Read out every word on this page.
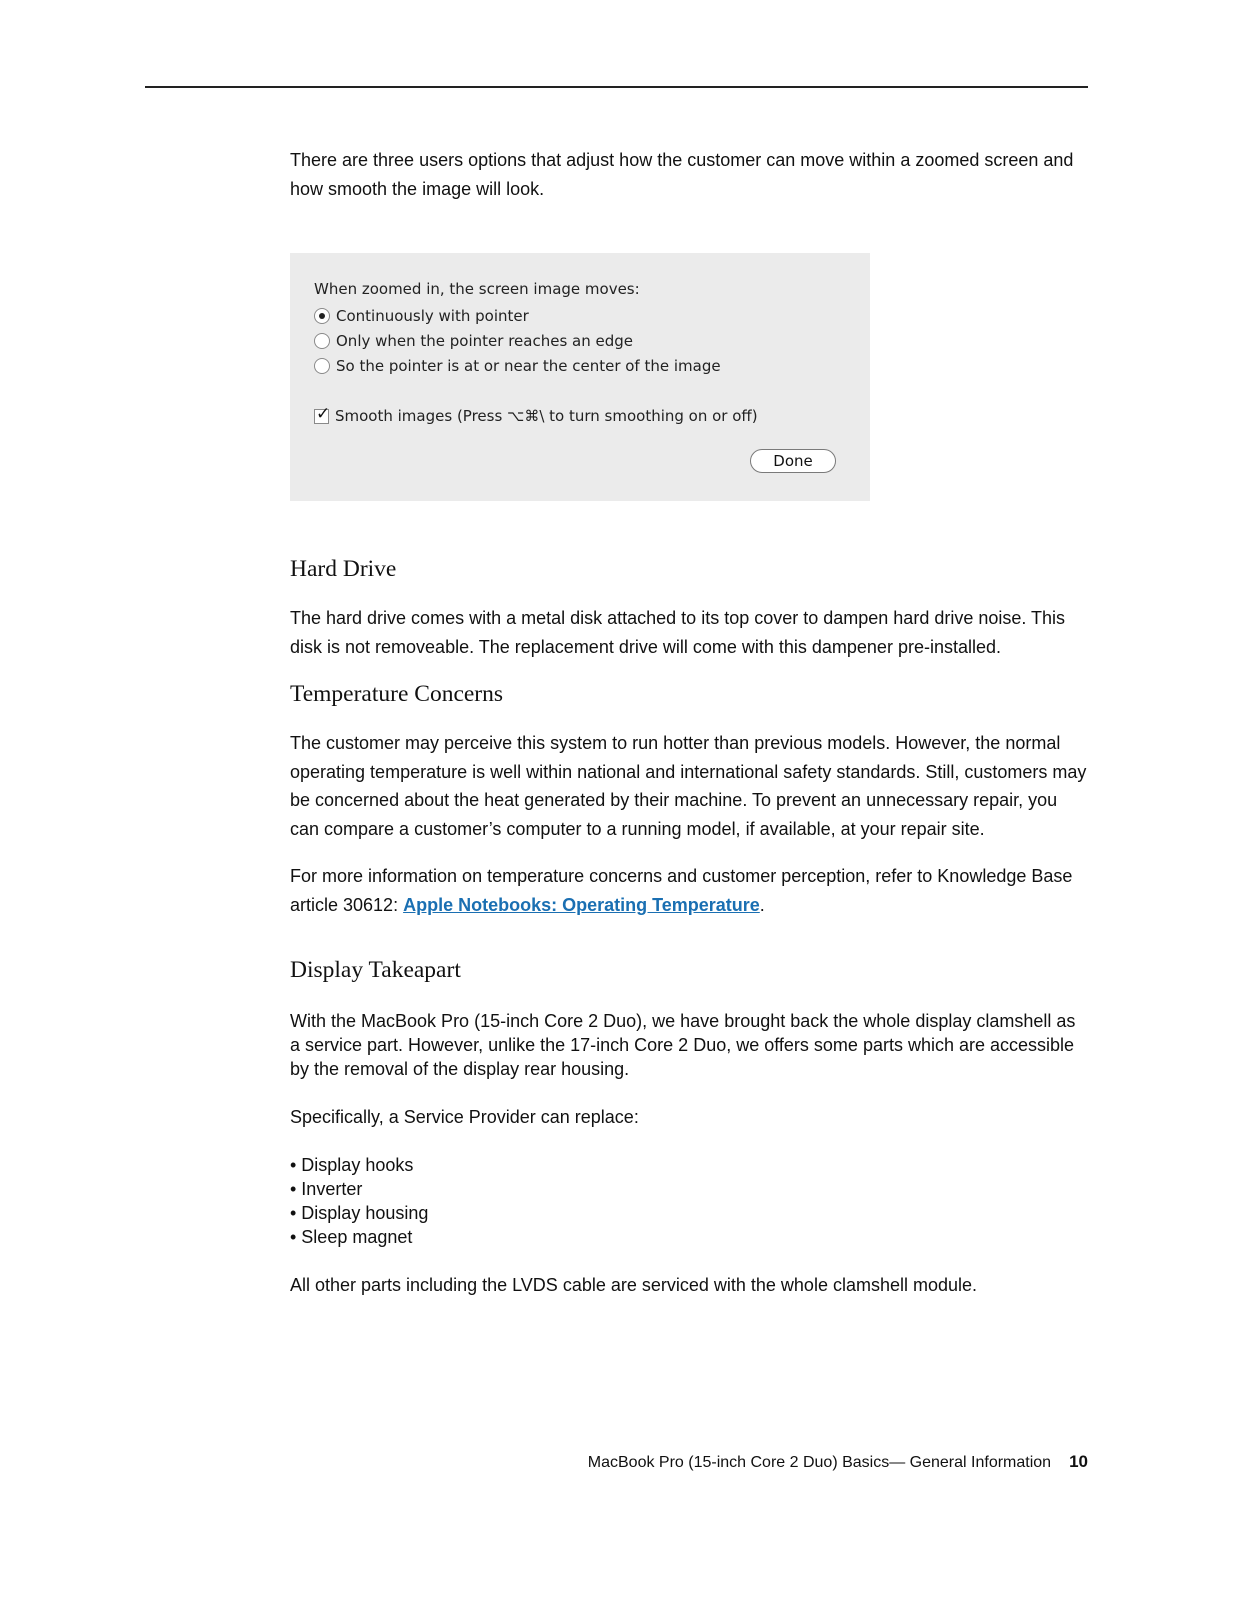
There are three users options that adjust how the customer can move within a zoomed screen and how smooth the image will look.

When zoomed in, the screen image moves:
Continuously with pointer
Only when the pointer reaches an edge
So the pointer is at or near the center of the image
✓ Smooth images (Press ⌥⌘\ to turn smoothing on or off)
Done
Hard Drive

The hard drive comes with a metal disk attached to its top cover to dampen hard drive noise. This disk is not removeable. The replacement drive will come with this dampener pre-installed.

Temperature Concerns

The customer may perceive this system to run hotter than previous models. However, the normal operating temperature is well within national and international safety standards. Still, customers may be concerned about the heat generated by their machine. To prevent an unnecessary repair, you can compare a customer’s computer to a running model, if available, at your repair site.

For more information on temperature concerns and customer perception, refer to Knowledge Base article 30612: Apple Notebooks: Operating Temperature.

Display Takeapart

With the MacBook Pro (15-inch Core 2 Duo), we have brought back the whole display clamshell as a service part. However, unlike the 17-inch Core 2 Duo, we offers some parts which are accessible by the removal of the display rear housing.

Specifically, a Service Provider can replace:

• Display hooks
• Inverter
• Display housing
• Sleep magnet

All other parts including the LVDS cable are serviced with the whole clamshell module.

MacBook Pro (15-inch Core 2 Duo) Basics— General Information 10
